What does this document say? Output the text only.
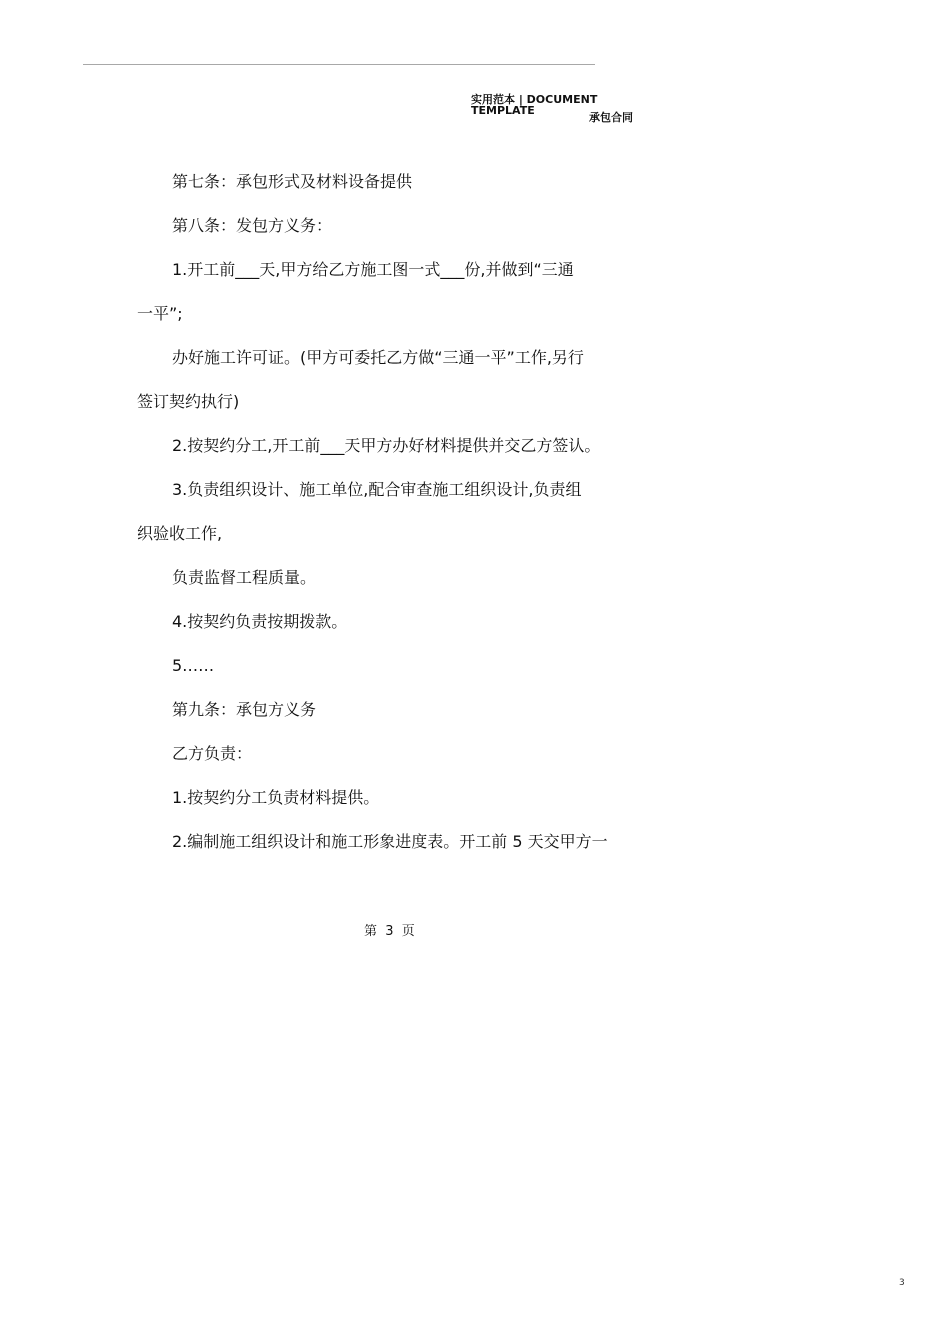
实用范本 | DOCUMENT TEMPLATE
承包合同
第七条：承包形式及材料设备提供
第八条：发包方义务：
1.开工前___天,甲方给乙方施工图一式___份,并做到“三通
一平”;
办好施工许可证。(甲方可委托乙方做“三通一平”工作,另行
签订契约执行)
2.按契约分工,开工前___天甲方办好材料提供并交乙方签认。
3.负责组织设计、施工单位,配合审查施工组织设计,负责组
织验收工作,
负责监督工程质量。
4.按契约负责按期拨款。
5……
第九条：承包方义务
乙方负责：
1.按契约分工负责材料提供。
2.编制施工组织设计和施工形象进度表。开工前 5 天交甲方一
第  3  页
3
